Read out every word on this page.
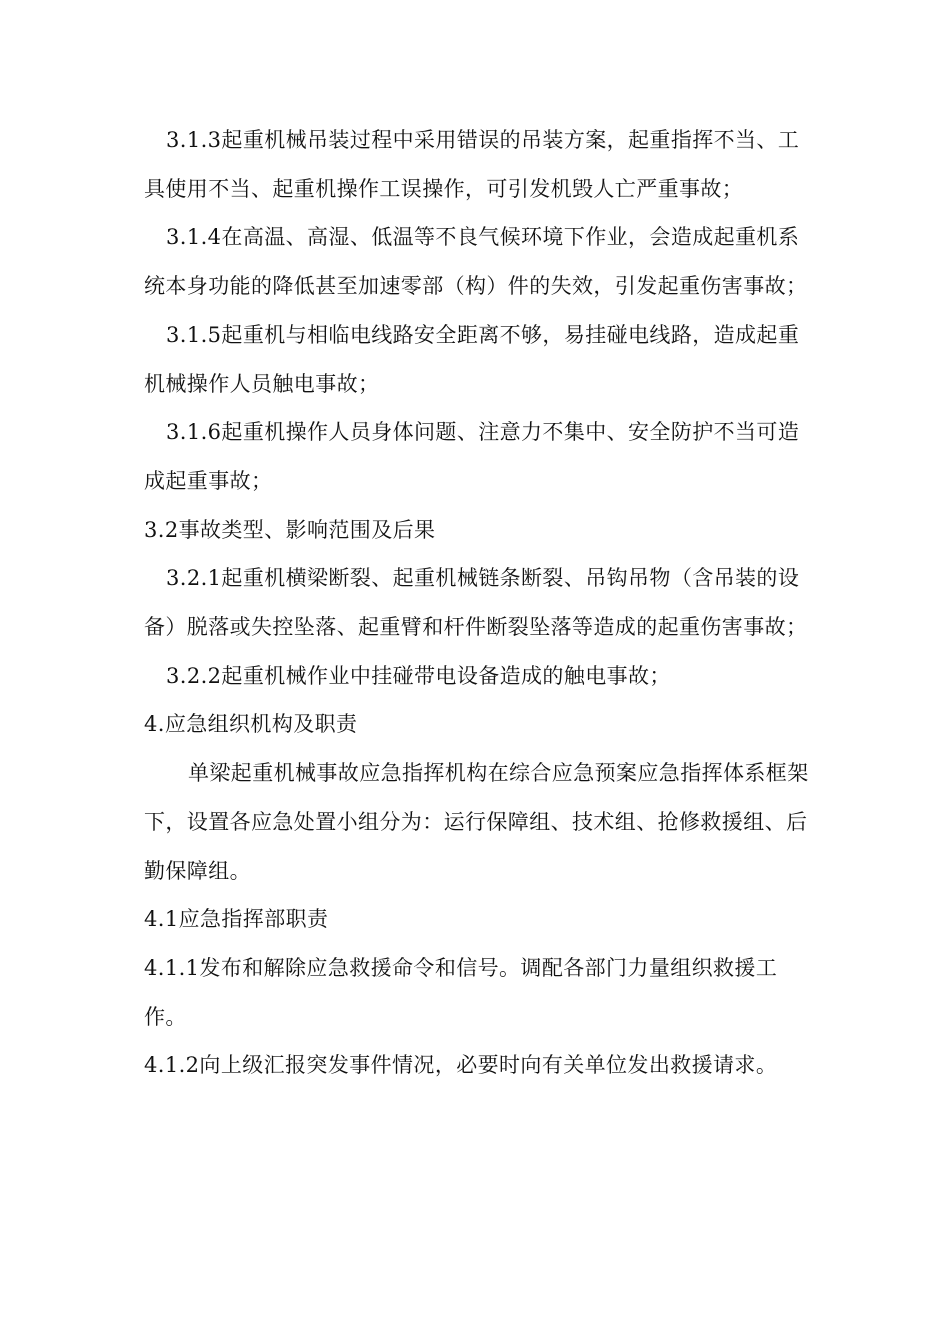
3.1.3起重机械吊装过程中采用错误的吊装方案，起重指挥不当、工具使用不当、起重机操作工误操作，可引发机毁人亡严重事故；

3.1.4在高温、高湿、低温等不良气候环境下作业，会造成起重机系统本身功能的降低甚至加速零部（构）件的失效，引发起重伤害事故；

3.1.5起重机与相临电线路安全距离不够，易挂碰电线路，造成起重机械操作人员触电事故；

3.1.6起重机操作人员身体问题、注意力不集中、安全防护不当可造成起重事故；

3.2事故类型、影响范围及后果

3.2.1起重机横梁断裂、起重机械链条断裂、吊钩吊物（含吊装的设备）脱落或失控坠落、起重臂和杆件断裂坠落等造成的起重伤害事故；

3.2.2起重机械作业中挂碰带电设备造成的触电事故；

4.应急组织机构及职责

单梁起重机械事故应急指挥机构在综合应急预案应急指挥体系框架下，设置各应急处置小组分为：运行保障组、技术组、抢修救援组、后勤保障组。

4.1应急指挥部职责

4.1.1发布和解除应急救援命令和信号。调配各部门力量组织救援工作。

4.1.2向上级汇报突发事件情况，必要时向有关单位发出救援请求。
